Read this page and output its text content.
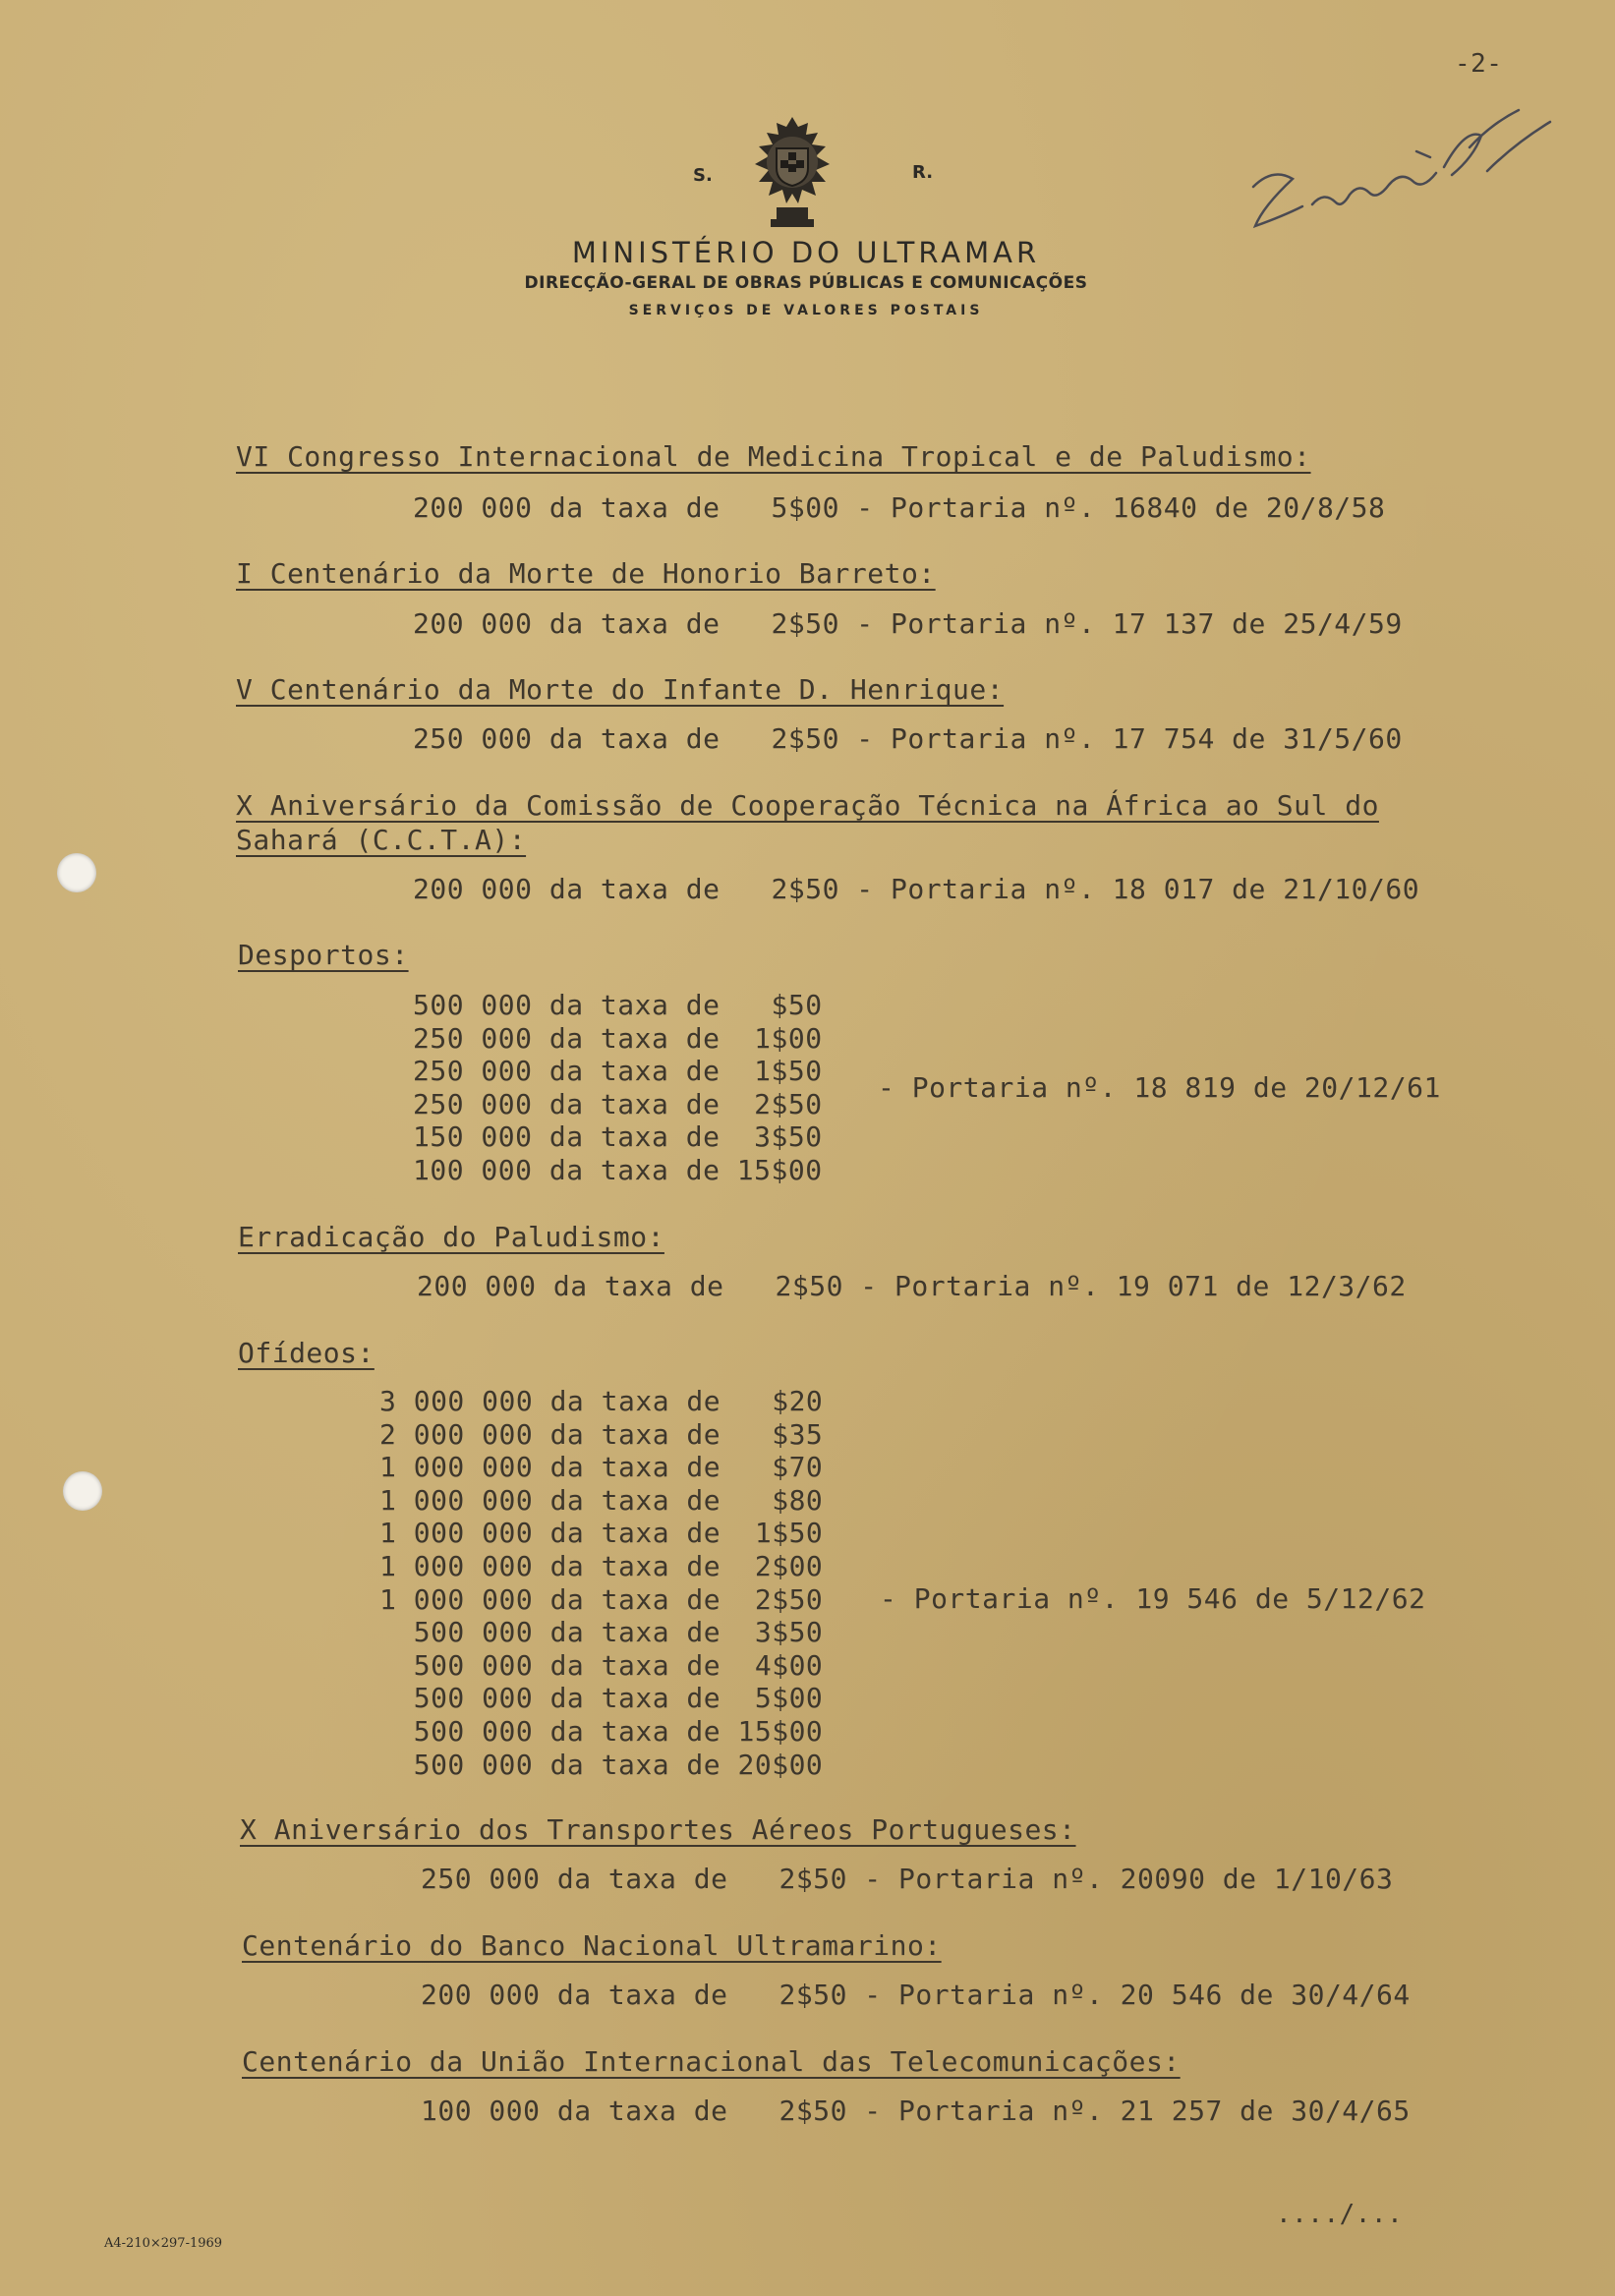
-2-
S.	R.
MINISTÉRIO DO ULTRAMAR
DIRECÇÃO-GERAL DE OBRAS PÚBLICAS E COMUNICAÇÕES
SERVIÇOS DE VALORES POSTAIS
VI Congresso Internacional de Medicina Tropical e de Paludismo:
200 000 da taxa de   5$00 - Portaria nº. 16840 de 20/8/58
I Centenário da Morte de Honorio Barreto:
200 000 da taxa de   2$50 - Portaria nº. 17 137 de 25/4/59
V Centenário da Morte do Infante D. Henrique:
250 000 da taxa de   2$50 - Portaria nº. 17 754 de 31/5/60
X Aniversário da Comissão de Cooperação Técnica na África ao Sul do
Sahará (C.C.T.A):
200 000 da taxa de   2$50 - Portaria nº. 18 017 de 21/10/60
Desportos:
500 000 da taxa de   $50
250 000 da taxa de  1$00
250 000 da taxa de  1$50
250 000 da taxa de  2$50
150 000 da taxa de  3$50
100 000 da taxa de 15$00
- Portaria nº. 18 819 de 20/12/61
Erradicação do Paludismo:
200 000 da taxa de   2$50 - Portaria nº. 19 071 de 12/3/62
Ofídeos:
3 000 000 da taxa de   $20
2 000 000 da taxa de   $35
1 000 000 da taxa de   $70
1 000 000 da taxa de   $80
1 000 000 da taxa de  1$50
1 000 000 da taxa de  2$00
1 000 000 da taxa de  2$50
500 000 da taxa de  3$50
500 000 da taxa de  4$00
500 000 da taxa de  5$00
500 000 da taxa de 15$00
500 000 da taxa de 20$00
- Portaria nº. 19 546 de 5/12/62
X Aniversário dos Transportes Aéreos Portugueses:
250 000 da taxa de   2$50 - Portaria nº. 20090 de 1/10/63
Centenário do Banco Nacional Ultramarino:
200 000 da taxa de   2$50 - Portaria nº. 20 546 de 30/4/64
Centenário da União Internacional das Telecomunicações:
100 000 da taxa de   2$50 - Portaria nº. 21 257 de 30/4/65
..../...
A4-210×297-1969
